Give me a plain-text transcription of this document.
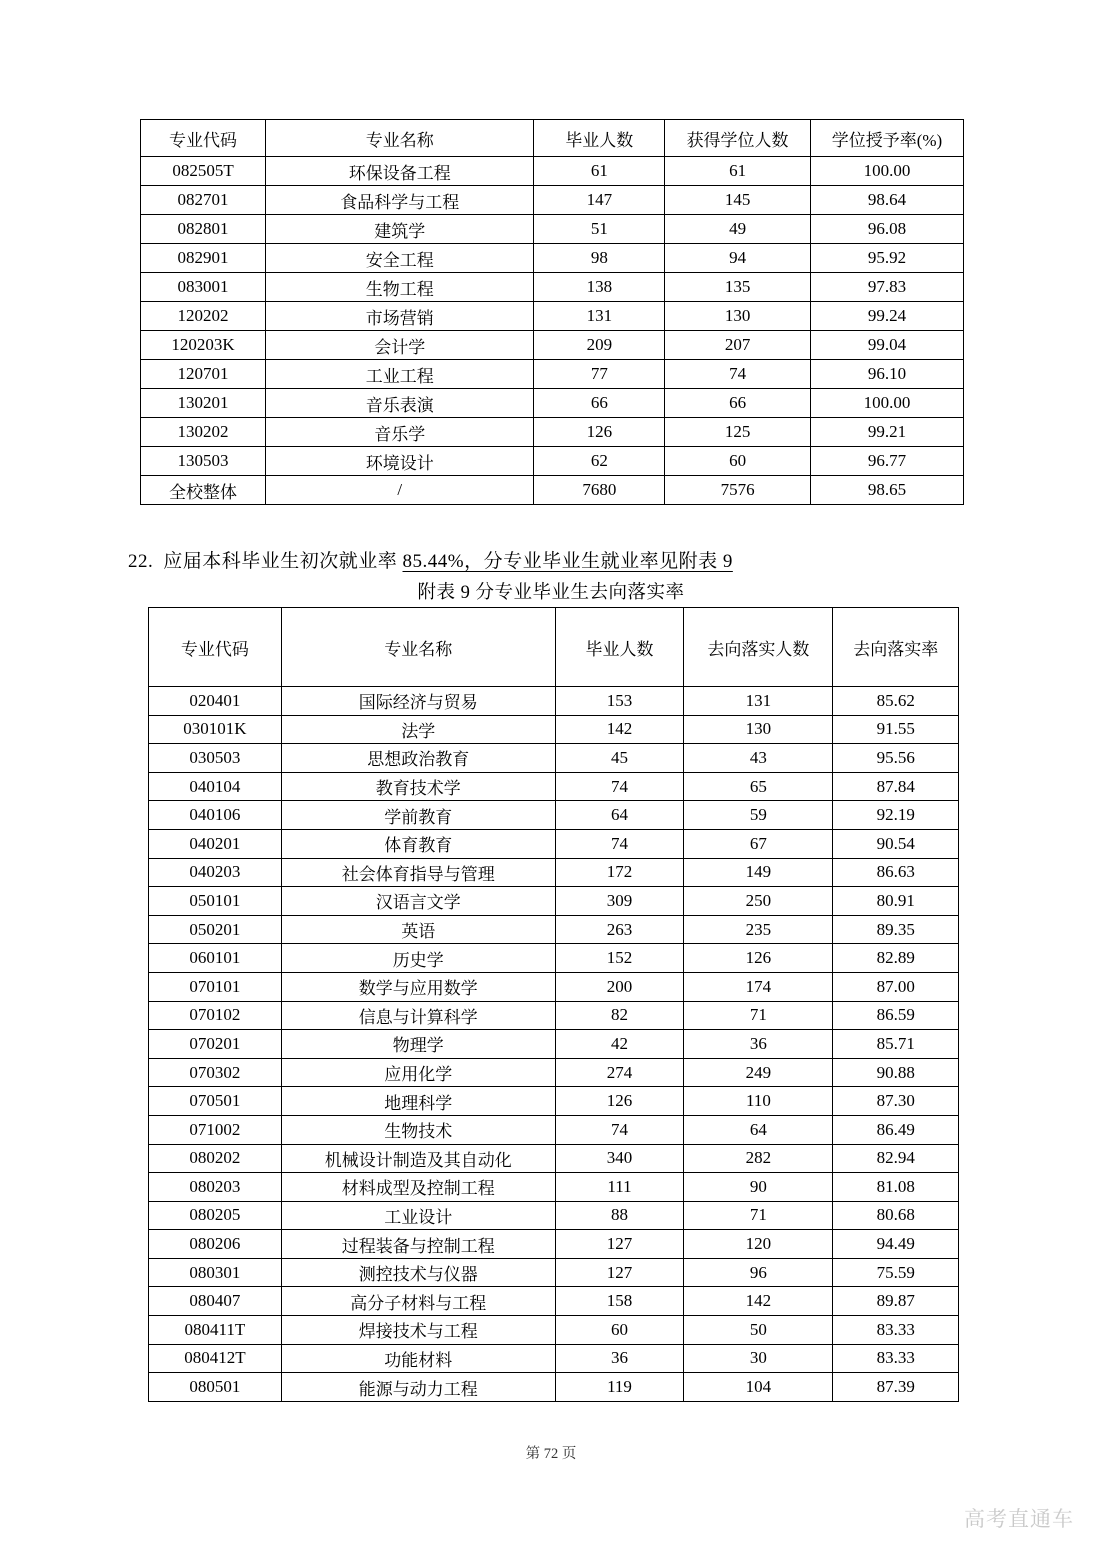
专业代码	专业名称	毕业人数	获得学位人数	学位授予率(%)
082505T	环保设备工程	61	61	100.00
082701	食品科学与工程	147	145	98.64
082801	建筑学	51	49	96.08
082901	安全工程	98	94	95.92
083001	生物工程	138	135	97.83
120202	市场营销	131	130	99.24
120203K	会计学	209	207	99.04
120701	工业工程	77	74	96.10
130201	音乐表演	66	66	100.00
130202	音乐学	126	125	99.21
130503	环境设计	62	60	96.77
全校整体	/	7680	7576	98.65
22. 应届本科毕业生初次就业率 85.44%，分专业毕业生就业率见附表 9
附表 9 分专业毕业生去向落实率
专业代码	专业名称	毕业人数	去向落实人数	去向落实率
020401	国际经济与贸易	153	131	85.62
030101K	法学	142	130	91.55
030503	思想政治教育	45	43	95.56
040104	教育技术学	74	65	87.84
040106	学前教育	64	59	92.19
040201	体育教育	74	67	90.54
040203	社会体育指导与管理	172	149	86.63
050101	汉语言文学	309	250	80.91
050201	英语	263	235	89.35
060101	历史学	152	126	82.89
070101	数学与应用数学	200	174	87.00
070102	信息与计算科学	82	71	86.59
070201	物理学	42	36	85.71
070302	应用化学	274	249	90.88
070501	地理科学	126	110	87.30
071002	生物技术	74	64	86.49
080202	机械设计制造及其自动化	340	282	82.94
080203	材料成型及控制工程	111	90	81.08
080205	工业设计	88	71	80.68
080206	过程装备与控制工程	127	120	94.49
080301	测控技术与仪器	127	96	75.59
080407	高分子材料与工程	158	142	89.87
080411T	焊接技术与工程	60	50	83.33
080412T	功能材料	36	30	83.33
080501	能源与动力工程	119	104	87.39
第 72 页
高考直通车
